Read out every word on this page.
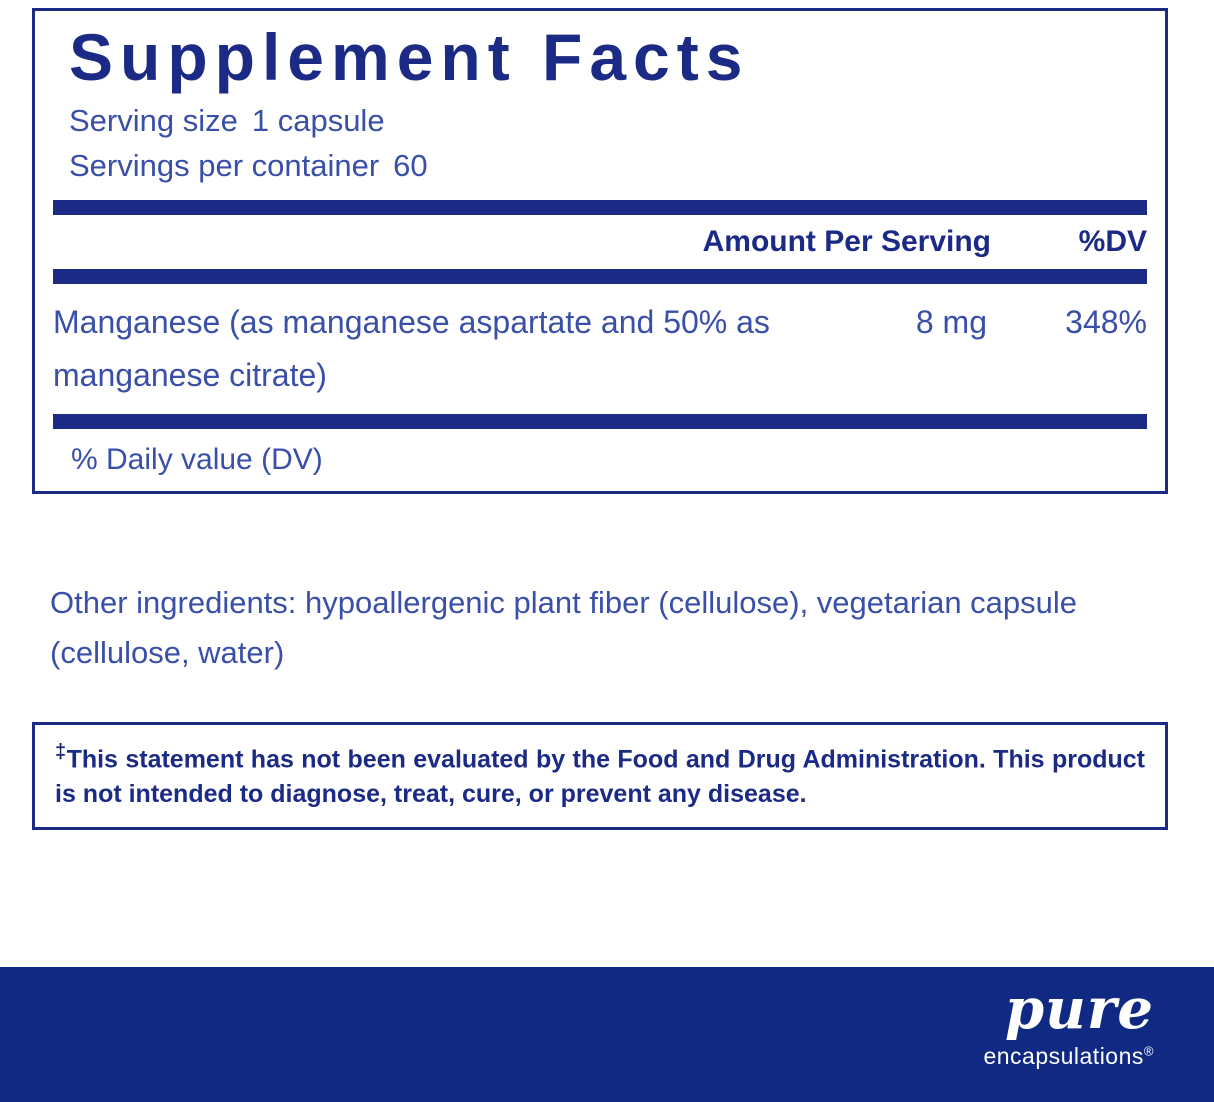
Supplement Facts
Serving size 1 capsule
Servings per container 60
Amount Per Serving	%DV
Manganese (as manganese aspartate and 50% as manganese citrate)
8 mg 348%
% Daily value (DV)
Other ingredients: hypoallergenic plant fiber (cellulose), vegetarian capsule (cellulose, water)

‡This statement has not been evaluated by the Food and Drug Administration. This product is not intended to diagnose, treat, cure, or prevent any disease.

pure
encapsulations®
